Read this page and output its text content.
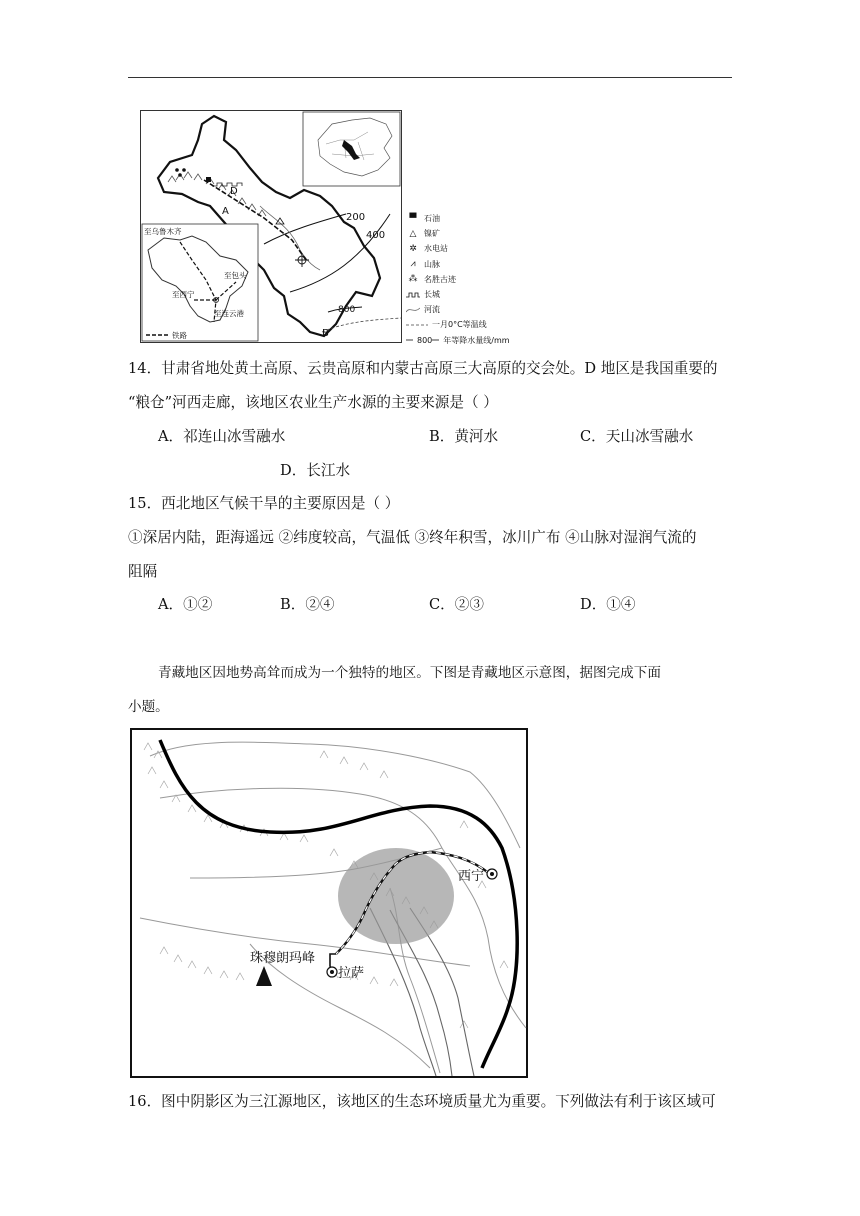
A
D
B
200
400
800
至乌鲁木齐
至包头
至西宁
至连云港
铁路
▀ 石油
△ 镍矿
✲ 水电站
⩘	山脉
⁂ 名胜古迹
长城
河流
一月0°C等温线
800 年等降水量线/mm
14．甘肃省地处黄土高原、云贵高原和内蒙古高原三大高原的交会处。D 地区是我国重要的
“粮仓”河西走廊，该地区农业生产水源的主要来源是（ ）
A．祁连山冰雪融水	B．黄河水	C．天山冰雪融水
D．长江水
15．西北地区气候干旱的主要原因是（ ）
①深居内陆，距海遥远 ②纬度较高，气温低 ③终年积雪，冰川广布 ④山脉对湿润气流的
阻隔
A．①②	B．②④	C．②③	D．①④
青藏地区因地势高耸而成为一个独特的地区。下图是青藏地区示意图，据图完成下面
小题。
西宁
拉萨
珠穆朗玛峰
16．图中阴影区为三江源地区，该地区的生态环境质量尤为重要。下列做法有利于该区域可
